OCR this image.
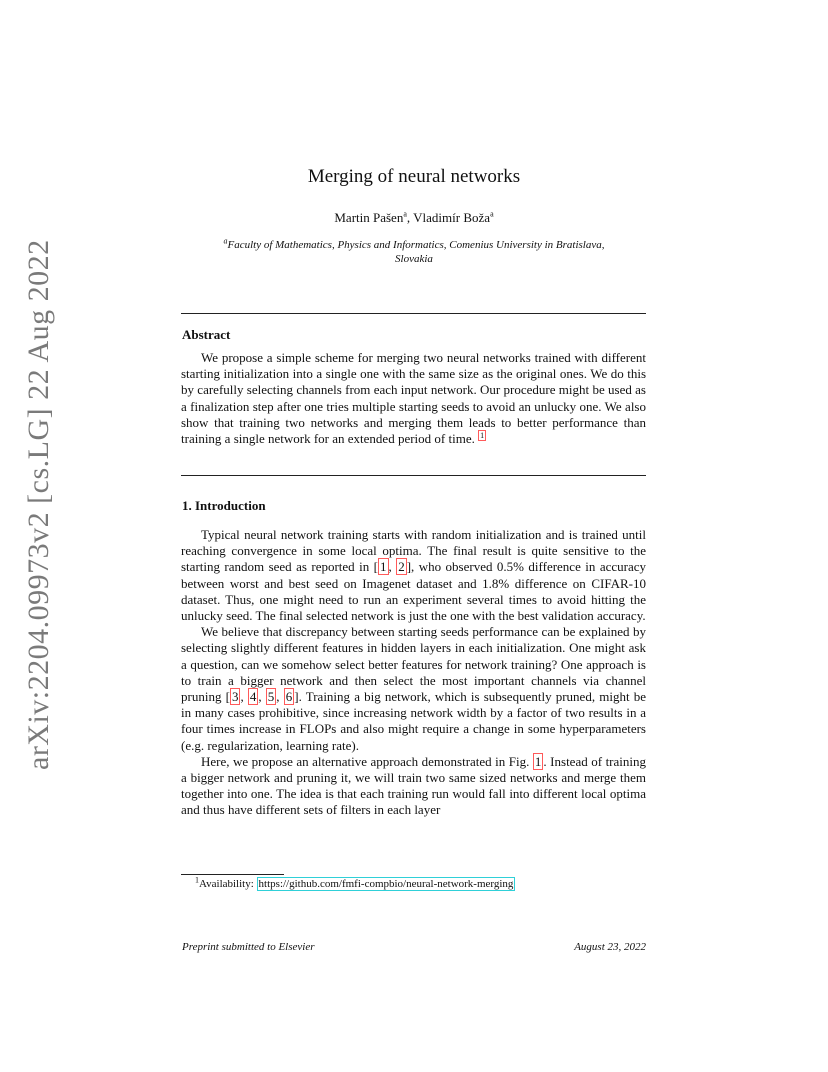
arXiv:2204.09973v2 [cs.LG] 22 Aug 2022
Merging of neural networks
Martin Pašen$^a$, Vladimír Boža$^a$
$^a$Faculty of Mathematics, Physics and Informatics, Comenius University in Bratislava, Slovakia
Abstract

We propose a simple scheme for merging two neural networks trained with different starting initialization into a single one with the same size as the original ones. We do this by carefully selecting channels from each input network. Our procedure might be used as a finalization step after one tries multiple starting seeds to avoid an unlucky one. We also show that training two networks and merging them leads to better performance than training a single network for an extended period of time. $^1$

1. Introduction

Typical neural network training starts with random initialization and is trained until reaching convergence in some local optima. The final result is quite sensitive to the starting random seed as reported in [ 1 , 2 ], who observed 0.5% difference in accuracy between worst and best seed on Imagenet dataset and 1.8% difference on CIFAR-10 dataset. Thus, one might need to run an experiment several times to avoid hitting the unlucky seed. The final selected network is just the one with the best validation accuracy.

We believe that discrepancy between starting seeds performance can be explained by selecting slightly different features in hidden layers in each initialization. One might ask a question, can we somehow select better features for network training? One approach is to train a bigger network and then select the most important channels via channel pruning [ 3 , 4 , 5 , 6 ]. Training a big network, which is subsequently pruned, might be in many cases prohibitive, since increasing network width by a factor of two results in a four times increase in FLOPs and also might require a change in some hyperparameters (e.g. regularization, learning rate).

Here, we propose an alternative approach demonstrated in Fig. 1 . Instead of training a bigger network and pruning it, we will train two same sized networks and merge them together into one. The idea is that each training run would fall into different local optima and thus have different sets of filters in each layer

$^1$Availability: https://github.com/fmfi-compbio/neural-network-merging
Preprint submitted to Elsevier	August 23, 2022
